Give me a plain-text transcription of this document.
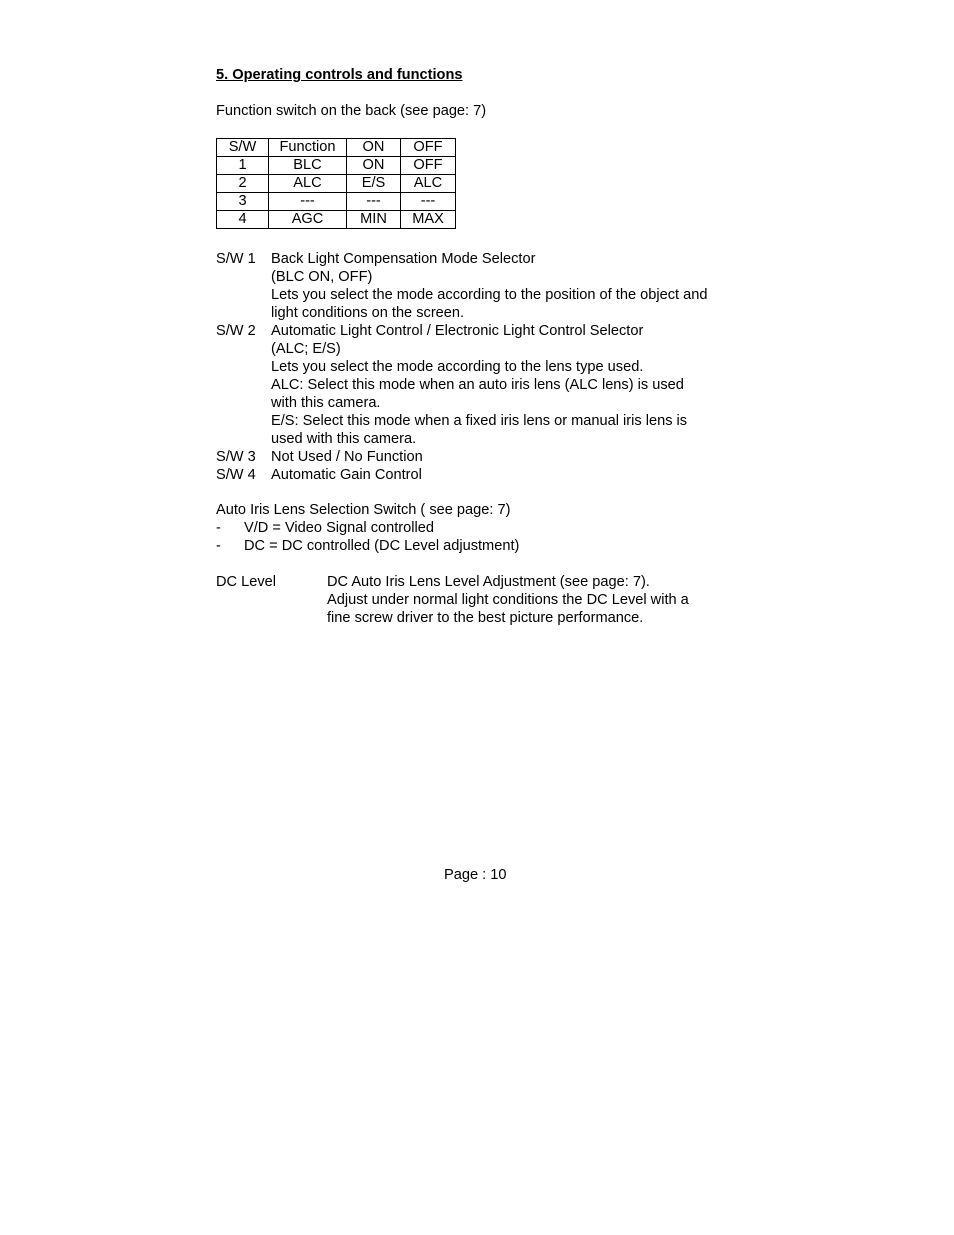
5. Operating controls and functions
Function switch on the back (see page: 7)
S/W	Function	ON	OFF
1	BLC	ON	OFF
2	ALC	E/S	ALC
3	---	---	---
4	AGC	MIN	MAX
S/W 1 Back Light Compensation Mode Selector
(BLC ON, OFF)
Lets you select the mode according to the position of the object and
light conditions on the screen.
S/W 2 Automatic Light Control / Electronic Light Control Selector
(ALC; E/S)
Lets you select the mode according to the lens type used.
ALC: Select this mode when an auto iris lens (ALC lens) is used
with this camera.
E/S: Select this mode when a fixed iris lens or manual iris lens is
used with this camera.
S/W 3 Not Used / No Function
S/W 4 Automatic Gain Control
Auto Iris Lens Selection Switch ( see page: 7)
- V/D = Video Signal controlled
- DC = DC controlled (DC Level adjustment)
DC Level	DC Auto Iris Lens Level Adjustment (see page: 7).
Adjust under normal light conditions the DC Level with a
fine screw driver to the best picture performance.
Page : 10
